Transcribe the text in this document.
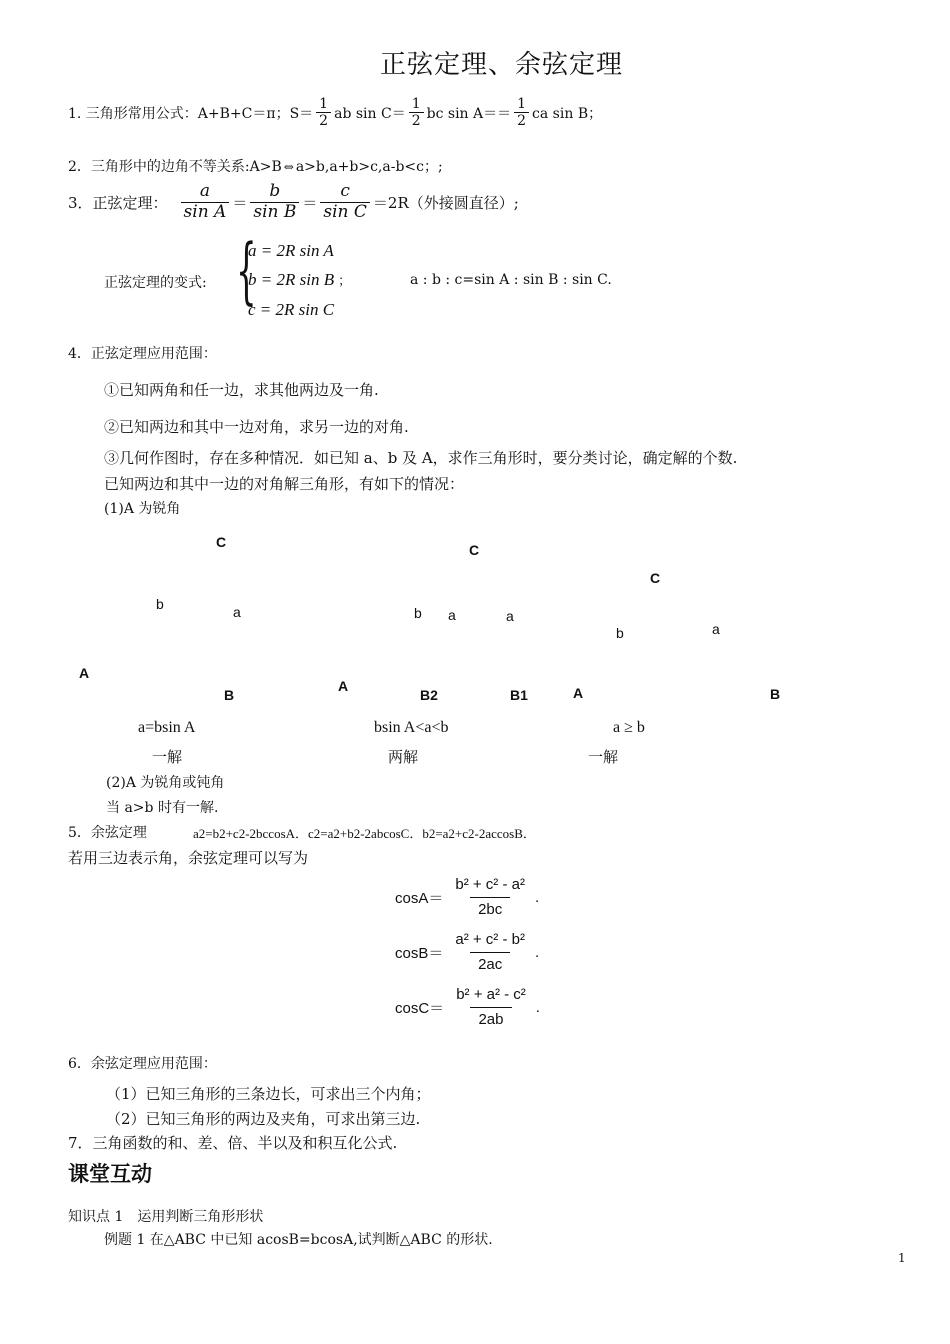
正弦定理、余弦定理
1. 三角形常用公式：A+B+C＝π；$S= \frac{1}{2}$ ab $\sin C= \frac{1}{2}$ bc $\sin A== \frac{1}{2}$ ca sin B；
2．三角形中的边角不等关系:A>B ⇔ a>b,a+b>c,a-b<c；;
3．正弦定理： $\frac{a}{\text{sin A}} = \frac{b}{\text{sin B}} = \frac{c}{\text{sin C}} =2R$（外接圆直径）;
正弦定理的变式: {
a = 2R sin A
b = 2R sin B ；
c = 2R sin C
a : b : c=sin A : sin B : sin C.
4．正弦定理应用范围：
①已知两角和任一边，求其他两边及一角.
②已知两边和其中一边对角，求另一边的对角.
③几何作图时，存在多种情况．如已知 a、b 及 A，求作三角形时，要分类讨论，确定解的个数.
已知两边和其中一边的对角解三角形，有如下的情况：
(1)A 为锐角
C
b	a
A
B
C
b a	a
A
B2	B1
C
b	a
A	B
a=bsin A	bsin A<a<b	a ≥ b
一解	两解	一解
(2)A 为锐角或钝角
当 a>b 时有一解.
5．余弦定理	a2=b2+c2-2bccosA．c2=a2+b2-2abcosC．b2=a2+c2-2accosB．
若用三边表示角，余弦定理可以写为
$\cos A= \frac{\text{b² + c² - a²}}{2bc}$ .
$\cos B= \frac{\text{a² + c² - b²}}{2ac}$ .
$\cos C= \frac{\text{b² + a² - c²}}{2ab}$ .
6．余弦定理应用范围：
（1）已知三角形的三条边长，可求出三个内角；
（2）已知三角形的两边及夹角，可求出第三边.
7．三角函数的和、差、倍、半以及和积互化公式.
课堂互动
知识点 1　运用判断三角形形状
例题 1 在△ABC 中已知 acosB=bcosA,试判断△ABC 的形状.
1
